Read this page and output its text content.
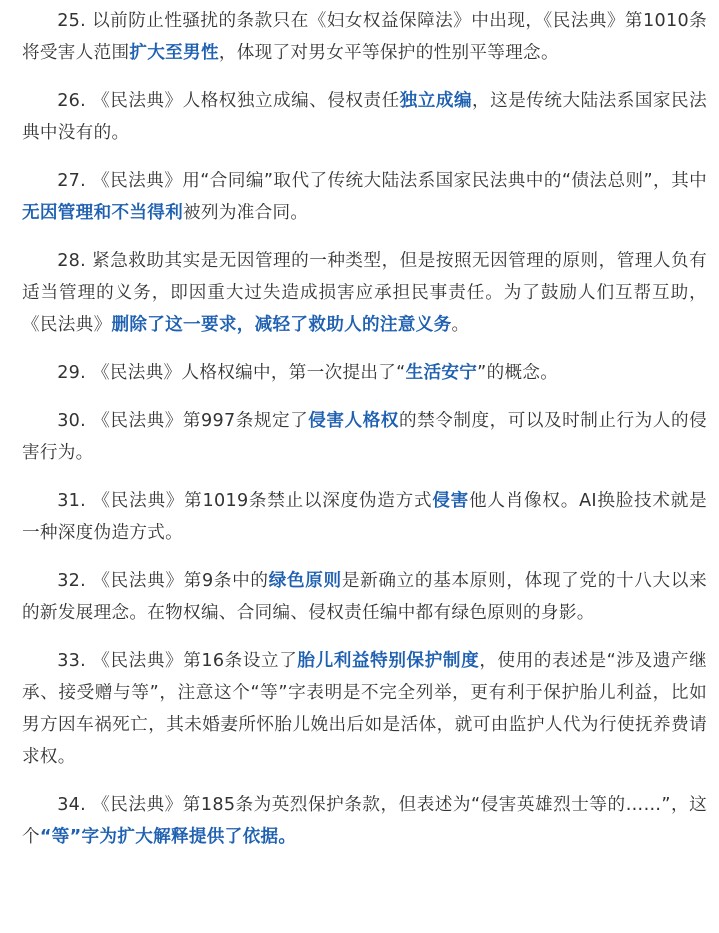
25. 以前防止性骚扰的条款只在《妇女权益保障法》中出现，《民法典》第1010条将受害人范围扩大至男性，体现了对男女平等保护的性别平等理念。

26. 《民法典》人格权独立成编、侵权责任独立成编，这是传统大陆法系国家民法典中没有的。

27. 《民法典》用“合同编”取代了传统大陆法系国家民法典中的“债法总则”，其中无因管理和不当得利被列为准合同。

28. 紧急救助其实是无因管理的一种类型，但是按照无因管理的原则，管理人负有适当管理的义务，即因重大过失造成损害应承担民事责任。为了鼓励人们互帮互助，《民法典》删除了这一要求，减轻了救助人的注意义务。

29. 《民法典》人格权编中，第一次提出了“生活安宁”的概念。

30. 《民法典》第997条规定了侵害人格权的禁令制度，可以及时制止行为人的侵害行为。

31. 《民法典》第1019条禁止以深度伪造方式侵害他人肖像权。AI换脸技术就是一种深度伪造方式。

32. 《民法典》第9条中的绿色原则是新确立的基本原则，体现了党的十八大以来的新发展理念。在物权编、合同编、侵权责任编中都有绿色原则的身影。

33. 《民法典》第16条设立了胎儿利益特别保护制度，使用的表述是“涉及遗产继承、接受赠与等”，注意这个“等”字表明是不完全列举，更有利于保护胎儿利益，比如男方因车祸死亡，其未婚妻所怀胎儿娩出后如是活体，就可由监护人代为行使抚养费请求权。

34. 《民法典》第185条为英烈保护条款，但表述为“侵害英雄烈士等的……”，这个“等”字为扩大解释提供了依据。
